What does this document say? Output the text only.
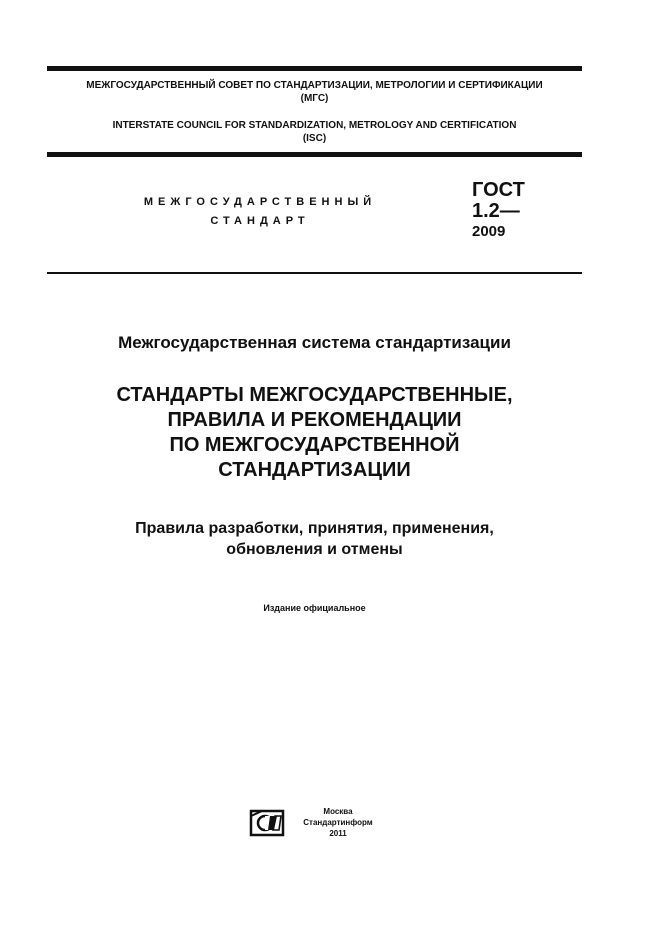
МЕЖГОСУДАРСТВЕННЫЙ СОВЕТ ПО СТАНДАРТИЗАЦИИ, МЕТРОЛОГИИ И СЕРТИФИКАЦИИ
(МГС)
INTERSTATE COUNCIL FOR STANDARDIZATION, METROLOGY AND CERTIFICATION
(ISC)
МЕЖГОСУДАРСТВЕННЫЙ
СТАНДАРТ
ГОСТ
1.2—
2009
Межгосударственная система стандартизации
СТАНДАРТЫ МЕЖГОСУДАРСТВЕННЫЕ,
ПРАВИЛА И РЕКОМЕНДАЦИИ
ПО МЕЖГОСУДАРСТВЕННОЙ
СТАНДАРТИЗАЦИИ
Правила разработки, принятия, применения,
обновления и отмены
Издание официальное
Москва
Стандартинформ
2011
